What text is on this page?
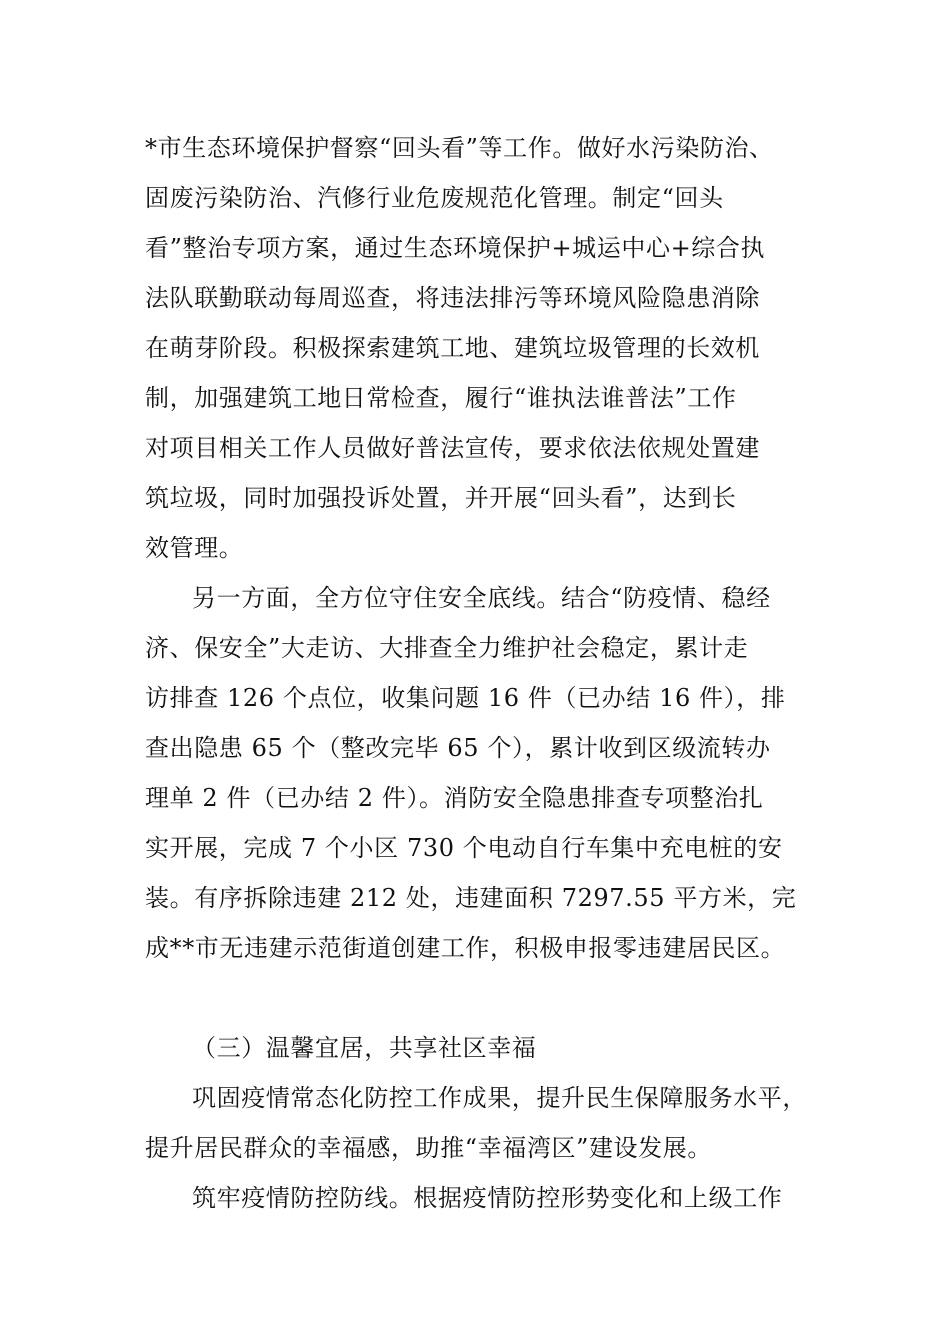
*市生态环境保护督察“回头看”等工作。做好水污染防治、
固废污染防治、汽修行业危废规范化管理。制定“回头
看”整治专项方案，通过生态环境保护+城运中心+综合执
法队联勤联动每周巡查，将违法排污等环境风险隐患消除
在萌芽阶段。积极探索建筑工地、建筑垃圾管理的长效机
制，加强建筑工地日常检查，履行“谁执法谁普法”工作
对项目相关工作人员做好普法宣传，要求依法依规处置建
筑垃圾，同时加强投诉处置，并开展“回头看”，达到长
效管理。
另一方面，全方位守住安全底线。结合“防疫情、稳经
济、保安全”大走访、大排查全力维护社会稳定，累计走
访排查 126 个点位，收集问题 16 件（已办结 16 件），排
查出隐患 65 个（整改完毕 65 个），累计收到区级流转办
理单 2 件（已办结 2 件）。消防安全隐患排查专项整治扎
实开展，完成 7 个小区 730 个电动自行车集中充电桩的安
装。有序拆除违建 212 处，违建面积 7297.55 平方米，完
成**市无违建示范街道创建工作，积极申报零违建居民区。
（三）温馨宜居，共享社区幸福
巩固疫情常态化防控工作成果，提升民生保障服务水平，
提升居民群众的幸福感，助推“幸福湾区”建设发展。
筑牢疫情防控防线。根据疫情防控形势变化和上级工作
